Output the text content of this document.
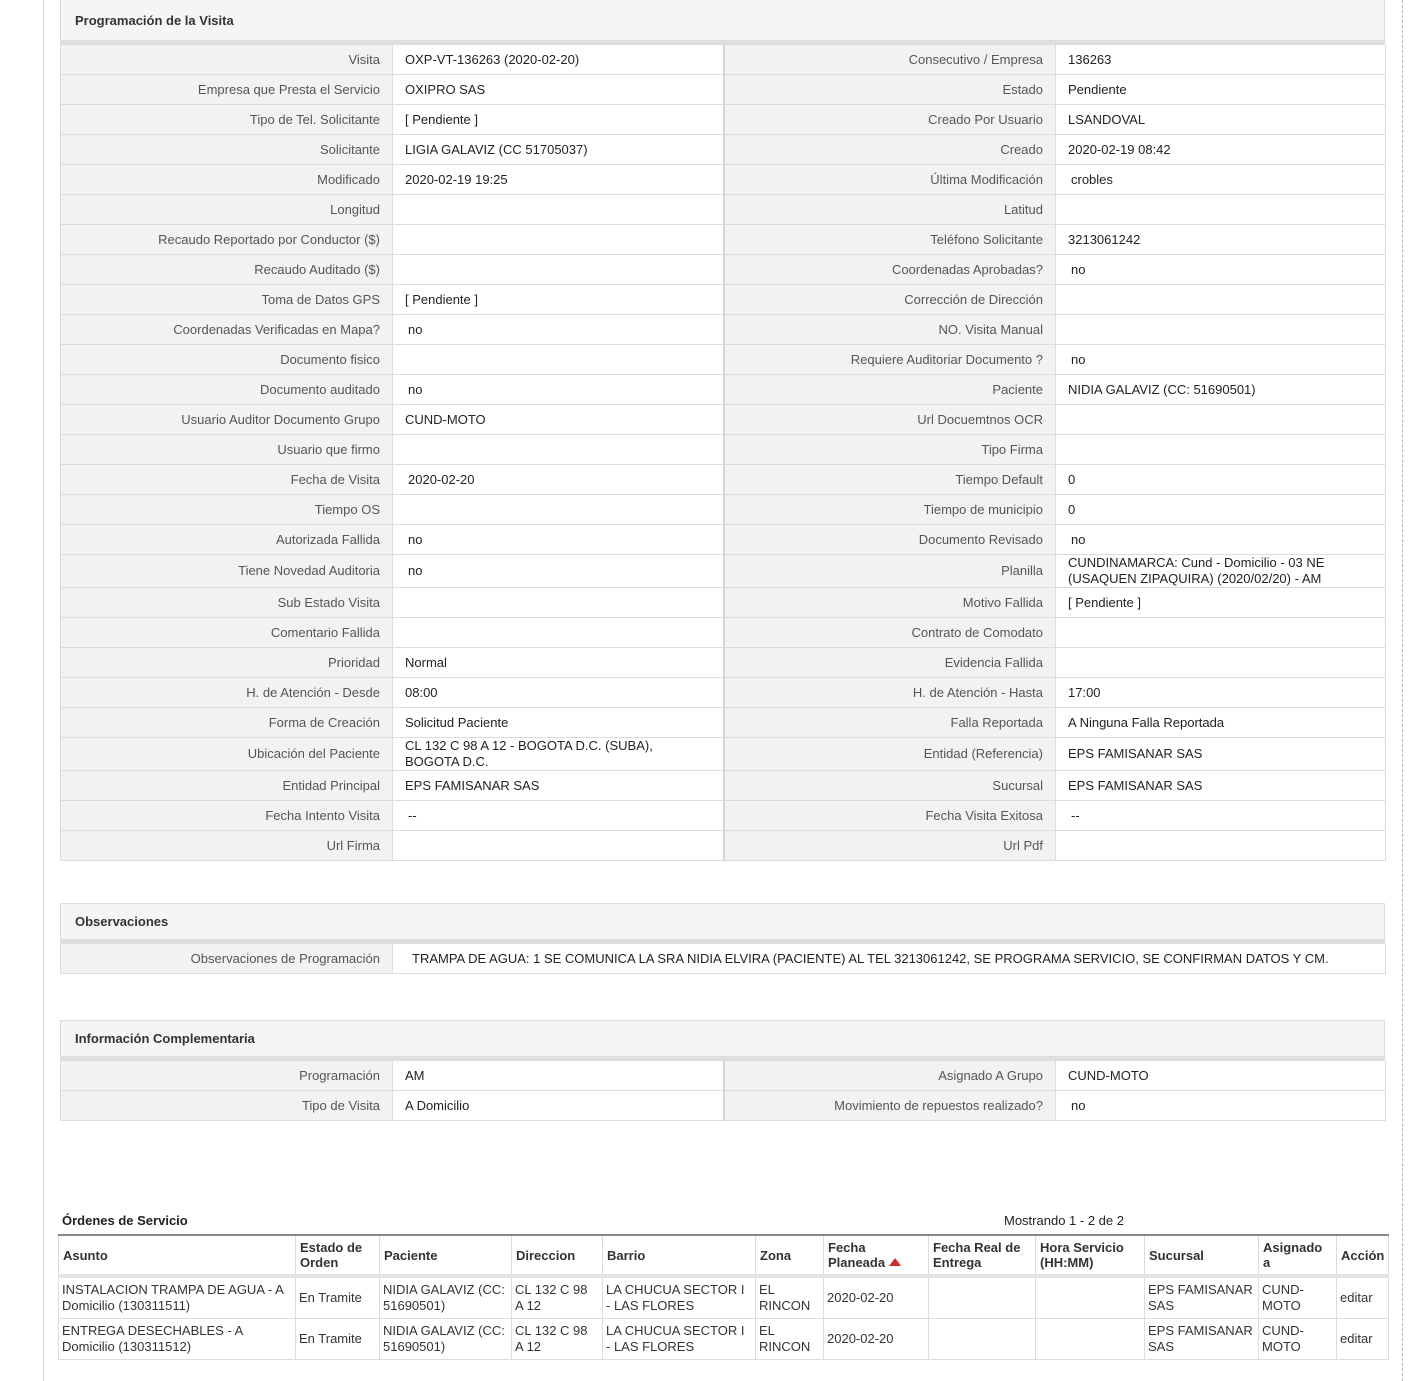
Programación de la Visita
Visita	OXP-VT-136263 (2020-02-20)	Consecutivo / Empresa	136263
Empresa que Presta el Servicio	OXIPRO SAS	Estado	Pendiente
Tipo de Tel. Solicitante	[ Pendiente ]	Creado Por Usuario	LSANDOVAL
Solicitante	LIGIA GALAVIZ (CC 51705037)	Creado	2020-02-19 08:42
Modificado	2020-02-19 19:25	Última Modificación	crobles
Longitud		Latitud	
Recaudo Reportado por Conductor ($)		Teléfono Solicitante	3213061242
Recaudo Auditado ($)		Coordenadas Aprobadas?	no
Toma de Datos GPS	[ Pendiente ]	Corrección de Dirección	
Coordenadas Verificadas en Mapa?	no	NO. Visita Manual	
Documento fisico		Requiere Auditoriar Documento ?	no
Documento auditado	no	Paciente	NIDIA GALAVIZ (CC: 51690501)
Usuario Auditor Documento Grupo	CUND-MOTO	Url Docuemtnos OCR	
Usuario que firmo		Tipo Firma	
Fecha de Visita	2020-02-20	Tiempo Default	0
Tiempo OS		Tiempo de municipio	0
Autorizada Fallida	no	Documento Revisado	no
Tiene Novedad Auditoria	no	Planilla	CUNDINAMARCA: Cund - Domicilio - 03 NE (USAQUEN ZIPAQUIRA) (2020/02/20) - AM
Sub Estado Visita		Motivo Fallida	[ Pendiente ]
Comentario Fallida		Contrato de Comodato	
Prioridad	Normal	Evidencia Fallida	
H. de Atención - Desde	08:00	H. de Atención - Hasta	17:00
Forma de Creación	Solicitud Paciente	Falla Reportada	A Ninguna Falla Reportada
Ubicación del Paciente	CL 132 C 98 A 12 - BOGOTA D.C. (SUBA), BOGOTA D.C.	Entidad (Referencia)	EPS FAMISANAR SAS
Entidad Principal	EPS FAMISANAR SAS	Sucursal	EPS FAMISANAR SAS
Fecha Intento Visita	--	Fecha Visita Exitosa	--
Url Firma		Url Pdf	
Observaciones
Observaciones de Programación	TRAMPA DE AGUA: 1 SE COMUNICA LA SRA NIDIA ELVIRA (PACIENTE) AL TEL 3213061242, SE PROGRAMA SERVICIO, SE CONFIRMAN DATOS Y CM.
Información Complementaria
Programación	AM	Asignado A Grupo	CUND-MOTO
Tipo de Visita	A Domicilio	Movimiento de repuestos realizado?	no
Órdenes de Servicio	Mostrando 1 - 2 de 2
Asunto	Estado de Orden	Paciente	Direccion	Barrio	Zona	Fecha Planeada	Fecha Real de Entrega	Hora Servicio (HH:MM)	Sucursal	Asignado a	Acción
INSTALACION TRAMPA DE AGUA - A Domicilio (130311511)	En Tramite	NIDIA GALAVIZ (CC: 51690501)	CL 132 C 98 A 12	LA CHUCUA SECTOR I - LAS FLORES	EL RINCON	2020-02-20			EPS FAMISANAR SAS	CUND-MOTO	editar
ENTREGA DESECHABLES - A Domicilio (130311512)	En Tramite	NIDIA GALAVIZ (CC: 51690501)	CL 132 C 98 A 12	LA CHUCUA SECTOR I - LAS FLORES	EL RINCON	2020-02-20			EPS FAMISANAR SAS	CUND-MOTO	editar
